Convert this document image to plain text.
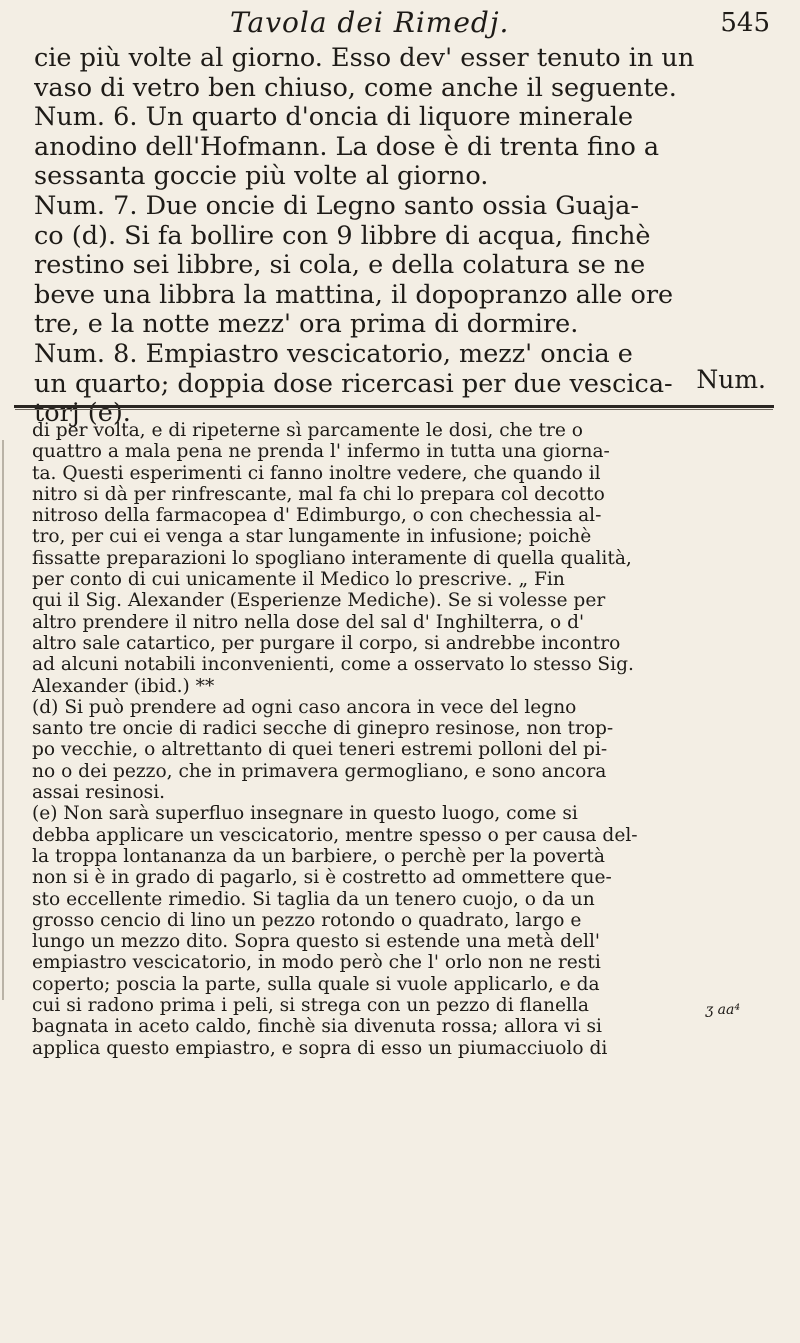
Tavola dei Rimedj.	545
cie più volte al giorno. Esso dev' esser tenuto in un
vaso di vetro ben chiuso, come anche il seguente.
Num. 6. Un quarto d'oncia di liquore minerale
anodino dell'Hofmann. La dose è di trenta fino a
sessanta goccie più volte al giorno.
Num. 7. Due oncie di Legno santo ossia Guaja-
co (d). Si fa bollire con 9 libbre di acqua, finchè
restino sei libbre, si cola, e della colatura se ne
beve una libbra la mattina, il dopopranzo alle ore
tre, e la notte mezz' ora prima di dormire.
Num. 8. Empiastro vescicatorio, mezz' oncia e
un quarto; doppia dose ricercasi per due vescica-
torj (e).
Num.
di per volta, e di ripeterne sì parcamente le dosi, che tre o
quattro a mala pena ne prenda l' infermo in tutta una giorna-
ta. Questi esperimenti ci fanno inoltre vedere, che quando il
nitro si dà per rinfrescante, mal fa chi lo prepara col decotto
nitroso della farmacopea d' Edimburgo, o con chechessia al-
tro, per cui ei venga a star lungamente in infusione; poichè
fissatte preparazioni lo spogliano interamente di quella qualità,
per conto di cui unicamente il Medico lo prescrive. „ Fin
qui il Sig. Alexander (Esperienze Mediche). Se si volesse per
altro prendere il nitro nella dose del sal d' Inghilterra, o d'
altro sale catartico, per purgare il corpo, si andrebbe incontro
ad alcuni notabili inconvenienti, come a osservato lo stesso Sig.
Alexander (ibid.) **
(d) Si può prendere ad ogni caso ancora in vece del legno
santo tre oncie di radici secche di ginepro resinose, non trop-
po vecchie, o altrettanto di quei teneri estremi polloni del pi-
no o dei pezzo, che in primavera germogliano, e sono ancora
assai resinosi.
(e) Non sarà superfluo insegnare in questo luogo, come si
debba applicare un vescicatorio, mentre spesso o per causa del-
la troppa lontananza da un barbiere, o perchè per la povertà
non si è in grado di pagarlo, si è costretto ad ommettere que-
sto eccellente rimedio. Si taglia da un tenero cuojo, o da un
grosso cencio di lino un pezzo rotondo o quadrato, largo e
lungo un mezzo dito. Sopra questo si estende una metà dell'
empiastro vescicatorio, in modo però che l' orlo non ne resti
coperto; poscia la parte, sulla quale si vuole applicarlo, e da
cui si radono prima i peli, si strega con un pezzo di flanella
bagnata in aceto caldo, finchè sia divenuta rossa; allora vi si
applica questo empiastro, e sopra di esso un piumacciuolo di
ʒ aa⁴
